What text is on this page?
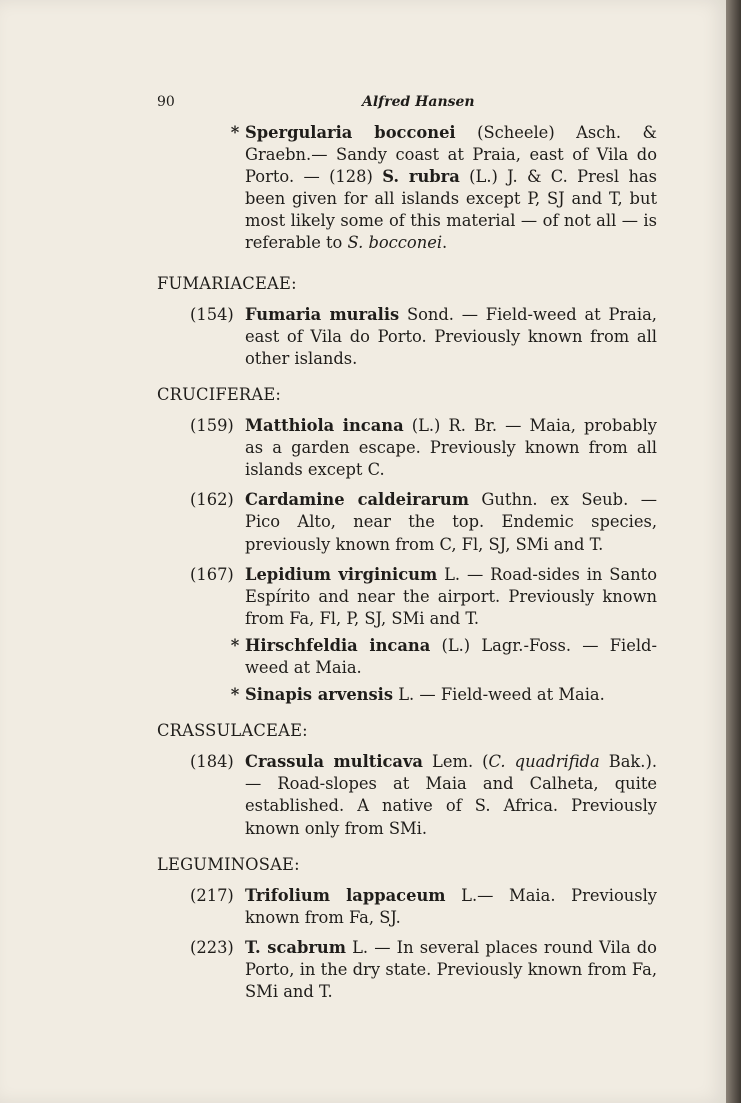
90	Alfred Hansen
* Spergularia bocconei (Scheele) Asch. & Graebn.— Sandy coast at Praia, east of Vila do Porto. — (128) S. rubra (L.) J. & C. Presl has been given for all islands except P, SJ and T, but most likely some of this material — of not all — is referable to S. bocconei.
FUMARIACEAE:
(154) Fumaria muralis Sond. — Field-weed at Praia, east of Vila do Porto. Previously known from all other islands.
CRUCIFERAE:
(159) Matthiola incana (L.) R. Br. — Maia, probably as a garden escape. Previously known from all islands except C.
(162) Cardamine caldeirarum Guthn. ex Seub. — Pico Alto, near the top. Endemic species, previously known from C, Fl, SJ, SMi and T.
(167) Lepidium virginicum L. — Road-sides in Santo Espírito and near the airport. Previously known from Fa, Fl, P, SJ, SMi and T.
* Hirschfeldia incana (L.) Lagr.-Foss. — Field-weed at Maia.
* Sinapis arvensis L. — Field-weed at Maia.
CRASSULACEAE:
(184) Crassula multicava Lem. (C. quadrifida Bak.). — Road-slopes at Maia and Calheta, quite established. A native of S. Africa. Previously known only from SMi.
LEGUMINOSAE:
(217) Trifolium lappaceum L.— Maia. Previously known from Fa, SJ.
(223) T. scabrum L. — In several places round Vila do Porto, in the dry state. Previously known from Fa, SMi and T.
